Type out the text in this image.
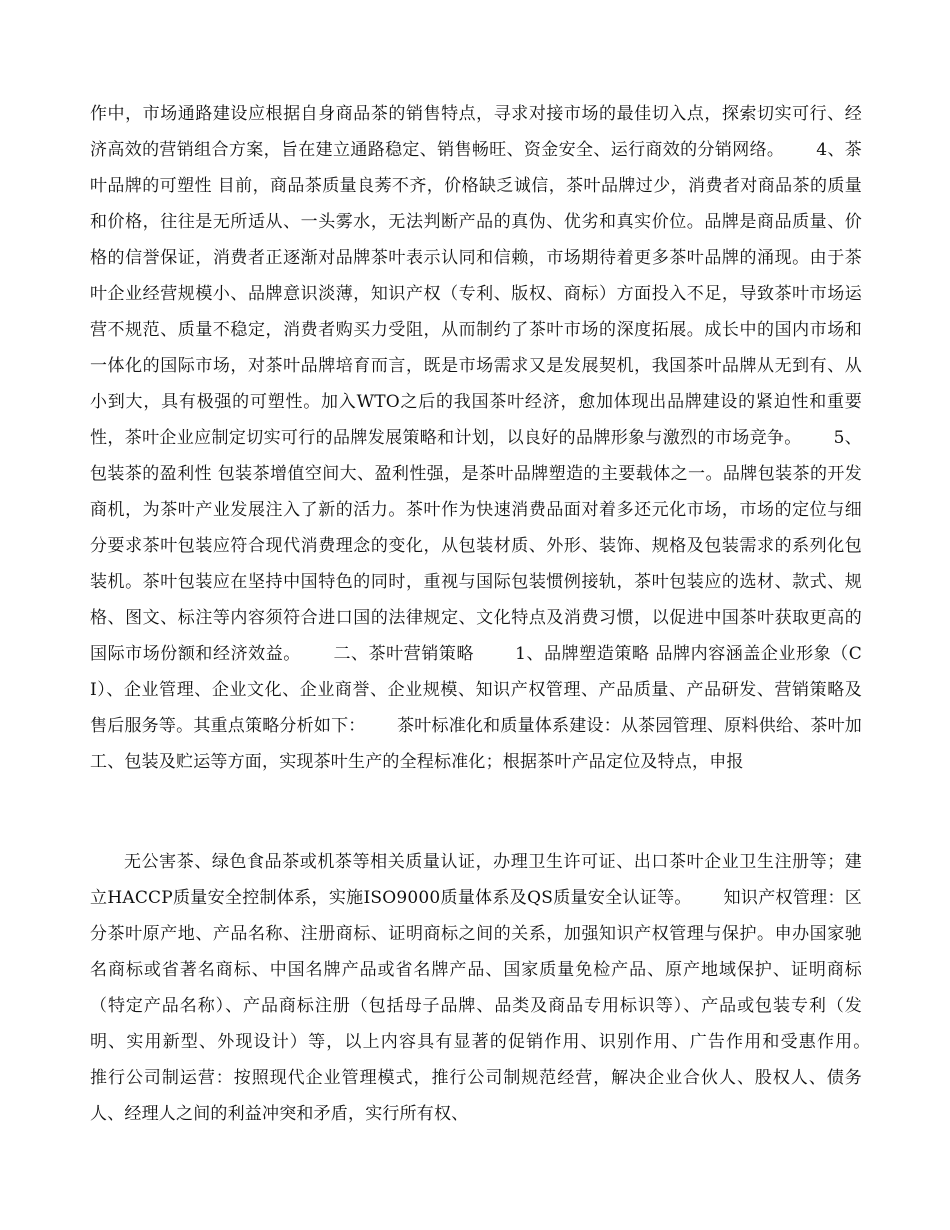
作中，市场通路建设应根据自身商品茶的销售特点，寻求对接市场的最佳切入点，探索切实可行、经济高效的营销组合方案，旨在建立通路稳定、销售畅旺、资金安全、运行商效的分销网络。　　 4、茶叶品牌的可塑性 目前，商品茶质量良莠不齐，价格缺乏诚信，茶叶品牌过少，消费者对商品茶的质量和价格，往往是无所适从、一头雾水，无法判断产品的真伪、优劣和真实价位。品牌是商品质量、价格的信誉保证，消费者正逐渐对品牌茶叶表示认同和信赖，市场期待着更多茶叶品牌的涌现。由于茶叶企业经营规模小、品牌意识淡薄，知识产权（专利、版权、商标）方面投入不足，导致茶叶市场运营不规范、质量不稳定，消费者购买力受阻，从而制约了茶叶市场的深度拓展。成长中的国内市场和一体化的国际市场，对茶叶品牌培育而言，既是市场需求又是发展契机，我国茶叶品牌从无到有、从小到大，具有极强的可塑性。加入WTO之后的我国茶叶经济，愈加体现出品牌建设的紧迫性和重要性，茶叶企业应制定切实可行的品牌发展策略和计划，以良好的品牌形象与激烈的市场竞争。　　 5、包装茶的盈利性 包装茶增值空间大、盈利性强，是茶叶品牌塑造的主要载体之一。品牌包装茶的开发商机，为茶叶产业发展注入了新的活力。茶叶作为快速消费品面对着多还元化市场，市场的定位与细分要求茶叶包装应符合现代消费理念的变化，从包装材质、外形、装饰、规格及包装需求的系列化包装机。茶叶包装应在坚持中国特色的同时，重视与国际包装惯例接轨，茶叶包装应的选材、款式、规格、图文、标注等内容须符合进口国的法律规定、文化特点及消费习惯，以促进中国茶叶获取更高的国际市场份额和经济效益。　　 二、茶叶营销策略　　 1、品牌塑造策略 品牌内容涵盖企业形象（CI）、企业管理、企业文化、企业商誉、企业规模、知识产权管理、产品质量、产品研发、营销策略及售后服务等。其重点策略分析如下：　　 茶叶标准化和质量体系建设：从茶园管理、原料供给、茶叶加工、包装及贮运等方面，实现茶叶生产的全程标准化；根据茶叶产品定位及特点，申报

无公害茶、绿色食品茶或机茶等相关质量认证，办理卫生许可证、出口茶叶企业卫生注册等；建立HACCP质量安全控制体系，实施ISO9000质量体系及QS质量安全认证等。　　 知识产权管理：区分茶叶原产地、产品名称、注册商标、证明商标之间的关系，加强知识产权管理与保护。申办国家驰名商标或省著名商标、中国名牌产品或省名牌产品、国家质量免检产品、原产地域保护、证明商标（特定产品名称）、产品商标注册（包括母子品牌、品类及商品专用标识等）、产品或包装专利（发明、实用新型、外现设计）等，以上内容具有显著的促销作用、识别作用、广告作用和受惠作用。　　 推行公司制运营：按照现代企业管理模式，推行公司制规范经营，解决企业合伙人、股权人、债务人、经理人之间的利益冲突和矛盾，实行所有权、
